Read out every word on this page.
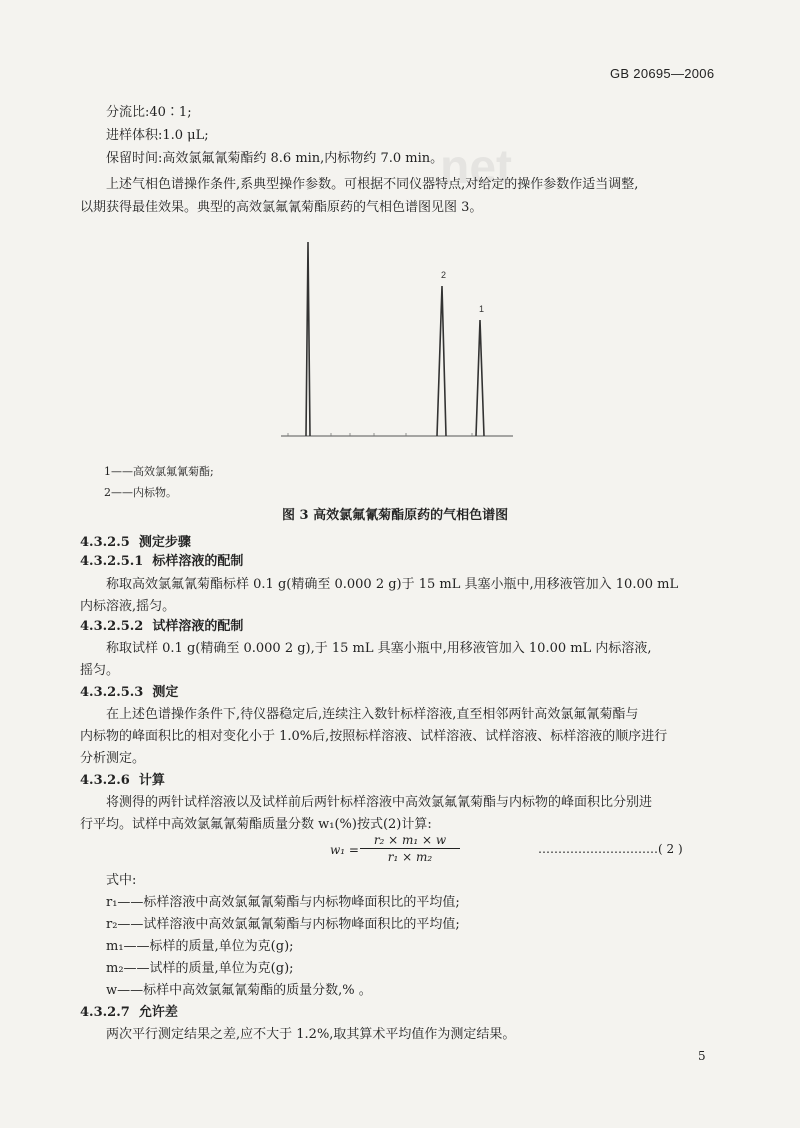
GB 20695—2006
net
分流比:40∶1;
进样体积:1.0 μL;
保留时间:高效氯氟氰菊酯约 8.6 min,内标物约 7.0 min。
上述气相色谱操作条件,系典型操作参数。可根据不同仪器特点,对给定的操作参数作适当调整,
以期获得最佳效果。典型的高效氯氟氰菊酯原药的气相色谱图见图 3。
2
1
1——高效氯氟氰菊酯;
2——内标物。
图 3 高效氯氟氰菊酯原药的气相色谱图
4.3.2.5 测定步骤
4.3.2.5.1 标样溶液的配制
称取高效氯氟氰菊酯标样 0.1 g(精确至 0.000 2 g)于 15 mL 具塞小瓶中,用移液管加入 10.00 mL
内标溶液,摇匀。
4.3.2.5.2 试样溶液的配制
称取试样 0.1 g(精确至 0.000 2 g),于 15 mL 具塞小瓶中,用移液管加入 10.00 mL 内标溶液,
摇匀。
4.3.2.5.3 测定
在上述色谱操作条件下,待仪器稳定后,连续注入数针标样溶液,直至相邻两针高效氯氟氰菊酯与
内标物的峰面积比的相对变化小于 1.0%后,按照标样溶液、试样溶液、试样溶液、标样溶液的顺序进行
分析测定。
4.3.2.6 计算
将测得的两针试样溶液以及试样前后两针标样溶液中高效氯氟氰菊酯与内标物的峰面积比分别进
行平均。试样中高效氯氟氰菊酯质量分数 w₁(%)按式(2)计算:
$w_1 = \frac{\text{r₂ × m₁ × w}}{\text{r₁ × m₂}}$	…………………………( 2 )
式中:
r₁——标样溶液中高效氯氟氰菊酯与内标物峰面积比的平均值;
r₂——试样溶液中高效氯氟氰菊酯与内标物峰面积比的平均值;
m₁——标样的质量,单位为克(g);
m₂——试样的质量,单位为克(g);
w——标样中高效氯氟氰菊酯的质量分数,% 。
4.3.2.7 允许差
两次平行测定结果之差,应不大于 1.2%,取其算术平均值作为测定结果。
5
